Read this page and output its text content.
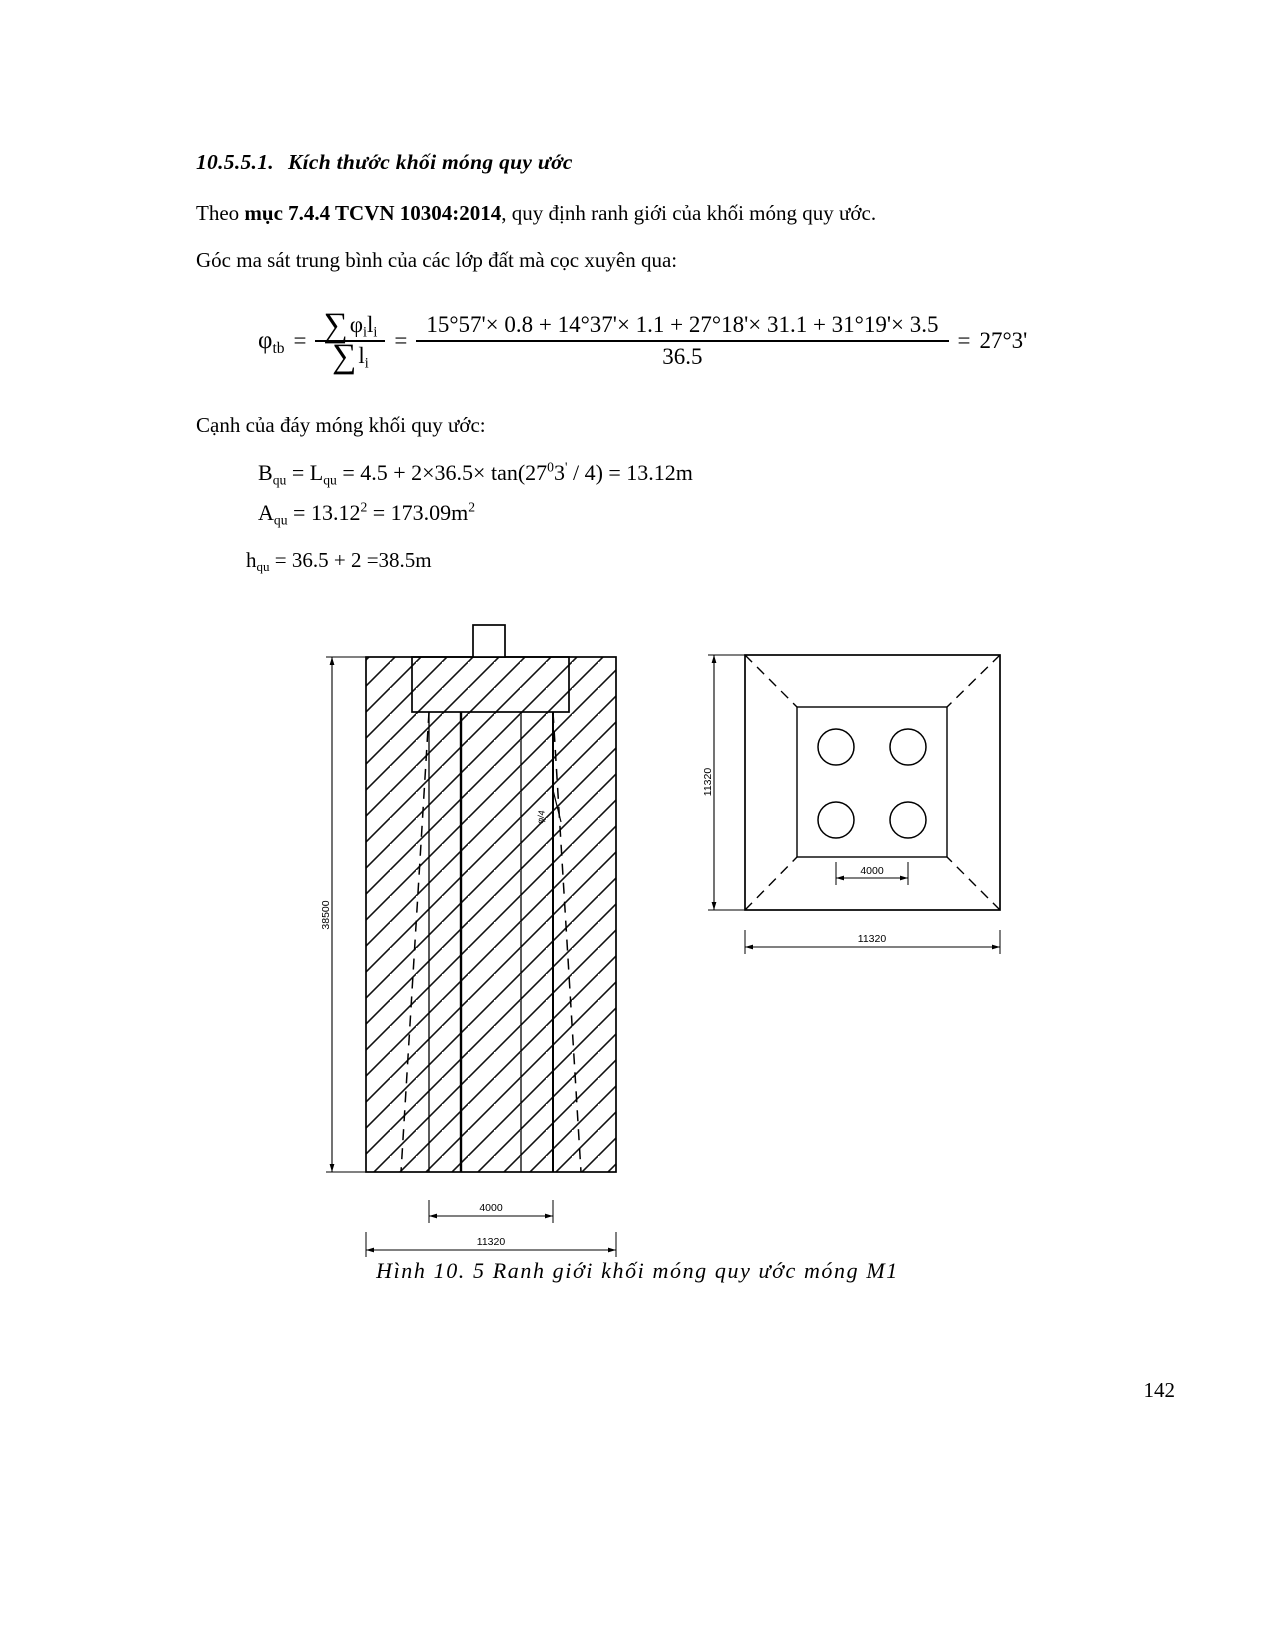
10.5.5.1. Kích thước khối móng quy ước
Theo mục 7.4.4 TCVN 10304:2014, quy định ranh giới của khối móng quy ước.
Góc ma sát trung bình của các lớp đất mà cọc xuyên qua:
$\varphi_{tb} = \frac{\sum\varphi_il_i}{\sum l_i} = \frac{15^\circ 57'\times 0.8 + 14^\circ 37'\times 1.1 + 27^\circ 18'\times 31.1 + 31^\circ 19'\times 3.5}{36.5} = 27^\circ 3'$
Cạnh của đáy móng khối quy ước:
$B_{qu} = L_{qu} = 4.5 + 2\times 36.5\times \tan(27^03' / 4) = 13.12m$
$A_{qu} = 13.12^2 = 173.09m^2$
$h_{qu} = 36.5 + 2 =38.5m$
φ/4
38500
4000
11320
11320
4000
11320
Hình 10. 5 Ranh giới khối móng quy ước móng M1
142
